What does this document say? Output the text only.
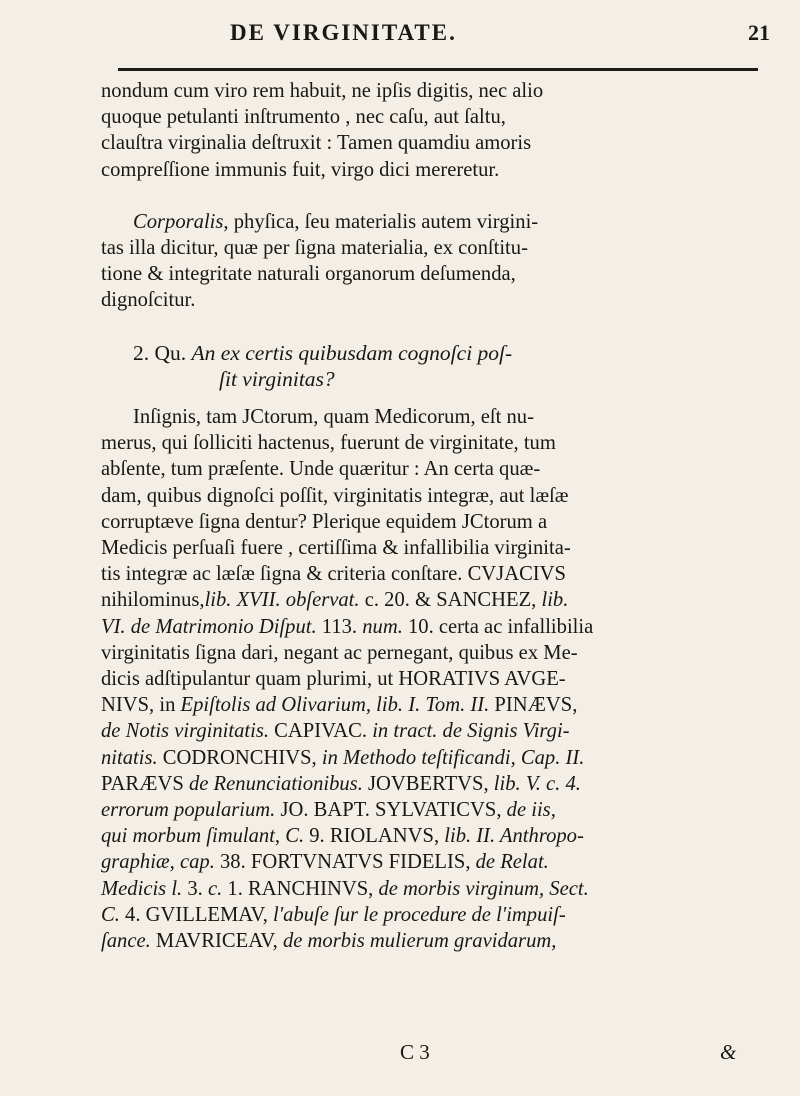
DE VIRGINITATE.	21

nondum cum viro rem habuit, ne ipſis digitis, nec alio

quoque petulanti inſtrumento , nec caſu, aut ſaltu,

clauſtra virginalia deſtruxit : Tamen quamdiu amoris

compreſſione immunis fuit, virgo dici mereretur.

Corporalis, phyſica, ſeu materialis autem virgini-

tas illa dicitur, quæ per ſigna materialia, ex conſtitu-

tione & integritate naturali organorum deſumenda,

dignoſcitur.

2. Qu. An ex certis quibusdam cognoſci poſ-

ſit virginitas?

Inſignis, tam JCtorum, quam Medicorum, eſt nu-

merus, qui ſolliciti hactenus, fuerunt de virginitate, tum

abſente, tum præſente. Unde quæritur : An certa quæ-

dam, quibus dignoſci poſſit, virginitatis integræ, aut læſæ

corruptæve ſigna dentur? Plerique equidem JCtorum a

Medicis perſuaſi fuere , certiſſima & infallibilia virginita-

tis integræ ac læſæ ſigna & criteria conſtare. CVJACIVS

nihilominus,lib. XVII. obſervat. c. 20. & SANCHEZ, lib.

VI. de Matrimonio Diſput. 113. num. 10. certa ac infallibilia

virginitatis ſigna dari, negant ac pernegant, quibus ex Me-

dicis adſtipulantur quam plurimi, ut HORATIVS AVGE-

NIVS, in Epiſtolis ad Olivarium, lib. I. Tom. II. PINÆVS,

de Notis virginitatis. CAPIVAC. in tract. de Signis Virgi-

nitatis. CODRONCHIVS, in Methodo teſtificandi, Cap. II.

PARÆVS de Renunciationibus. JOVBERTVS, lib. V. c. 4.

errorum popularium. JO. BAPT. SYLVATICVS, de iis,

qui morbum ſimulant, C. 9. RIOLANVS, lib. II. Anthropo-

graphiæ, cap. 38. FORTVNATVS FIDELIS, de Relat.

Medicis l. 3. c. 1. RANCHINVS, de morbis virginum, Sect.

C. 4. GVILLEMAV, l'abuſe ſur le procedure de l'impuiſ-

ſance. MAVRICEAV, de morbis mulierum gravidarum,

C 3	&
